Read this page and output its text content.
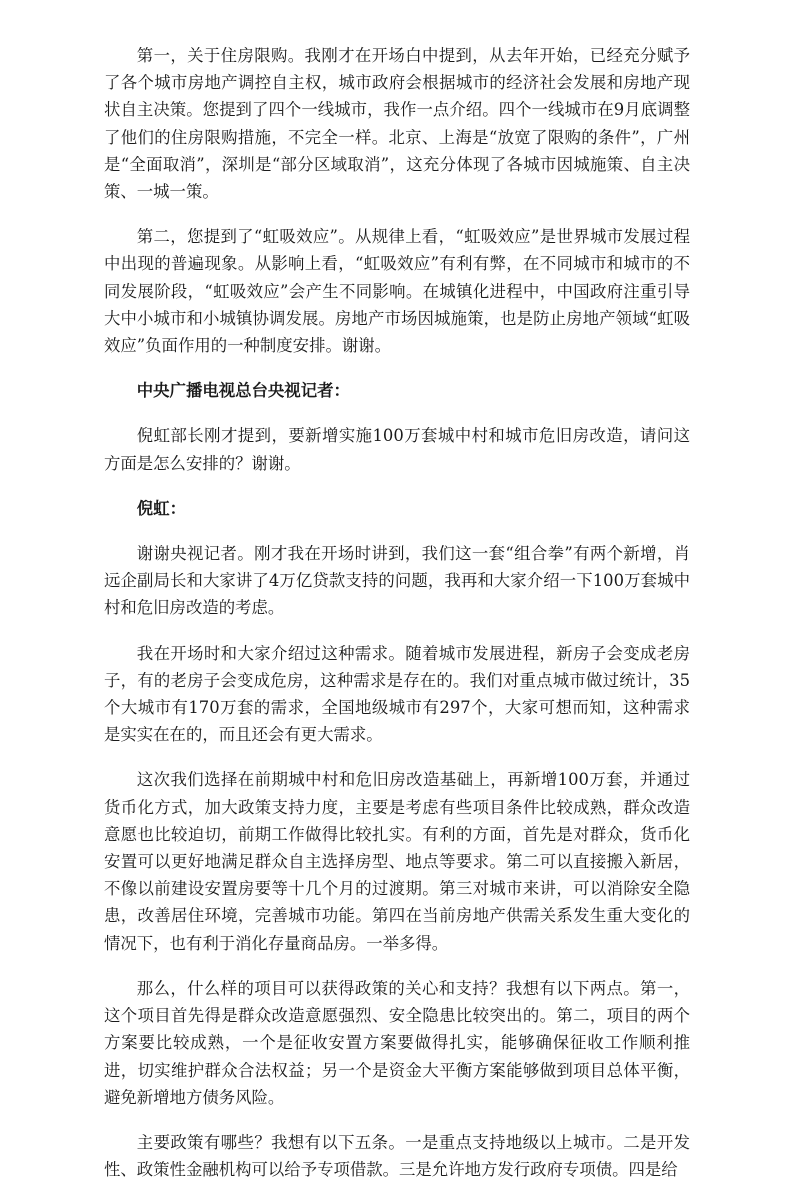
第一，关于住房限购。我刚才在开场白中提到，从去年开始，已经充分赋予了各个城市房地产调控自主权，城市政府会根据城市的经济社会发展和房地产现状自主决策。您提到了四个一线城市，我作一点介绍。四个一线城市在9月底调整了他们的住房限购措施，不完全一样。北京、上海是“放宽了限购的条件”，广州是“全面取消”，深圳是“部分区域取消”，这充分体现了各城市因城施策、自主决策、一城一策。

第二，您提到了“虹吸效应”。从规律上看，“虹吸效应”是世界城市发展过程中出现的普遍现象。从影响上看，“虹吸效应”有利有弊，在不同城市和城市的不同发展阶段，“虹吸效应”会产生不同影响。在城镇化进程中，中国政府注重引导大中小城市和小城镇协调发展。房地产市场因城施策，也是防止房地产领域“虹吸效应”负面作用的一种制度安排。谢谢。

中央广播电视总台央视记者：

倪虹部长刚才提到，要新增实施100万套城中村和城市危旧房改造，请问这方面是怎么安排的？谢谢。

倪虹：

谢谢央视记者。刚才我在开场时讲到，我们这一套“组合拳”有两个新增，肖远企副局长和大家讲了4万亿贷款支持的问题，我再和大家介绍一下100万套城中村和危旧房改造的考虑。

我在开场时和大家介绍过这种需求。随着城市发展进程，新房子会变成老房子，有的老房子会变成危房，这种需求是存在的。我们对重点城市做过统计，35个大城市有170万套的需求，全国地级城市有297个，大家可想而知，这种需求是实实在在的，而且还会有更大需求。

这次我们选择在前期城中村和危旧房改造基础上，再新增100万套，并通过货币化方式，加大政策支持力度，主要是考虑有些项目条件比较成熟，群众改造意愿也比较迫切，前期工作做得比较扎实。有利的方面，首先是对群众，货币化安置可以更好地满足群众自主选择房型、地点等要求。第二可以直接搬入新居，不像以前建设安置房要等十几个月的过渡期。第三对城市来讲，可以消除安全隐患，改善居住环境，完善城市功能。第四在当前房地产供需关系发生重大变化的情况下，也有利于消化存量商品房。一举多得。

那么，什么样的项目可以获得政策的关心和支持？我想有以下两点。第一，这个项目首先得是群众改造意愿强烈、安全隐患比较突出的。第二，项目的两个方案要比较成熟，一个是征收安置方案要做得扎实，能够确保征收工作顺利推进，切实维护群众合法权益；另一个是资金大平衡方案能够做到项目总体平衡，避免新增地方债务风险。

主要政策有哪些？我想有以下五条。一是重点支持地级以上城市。二是开发性、政策性金融机构可以给予专项借款。三是允许地方发行政府专项债。四是给
